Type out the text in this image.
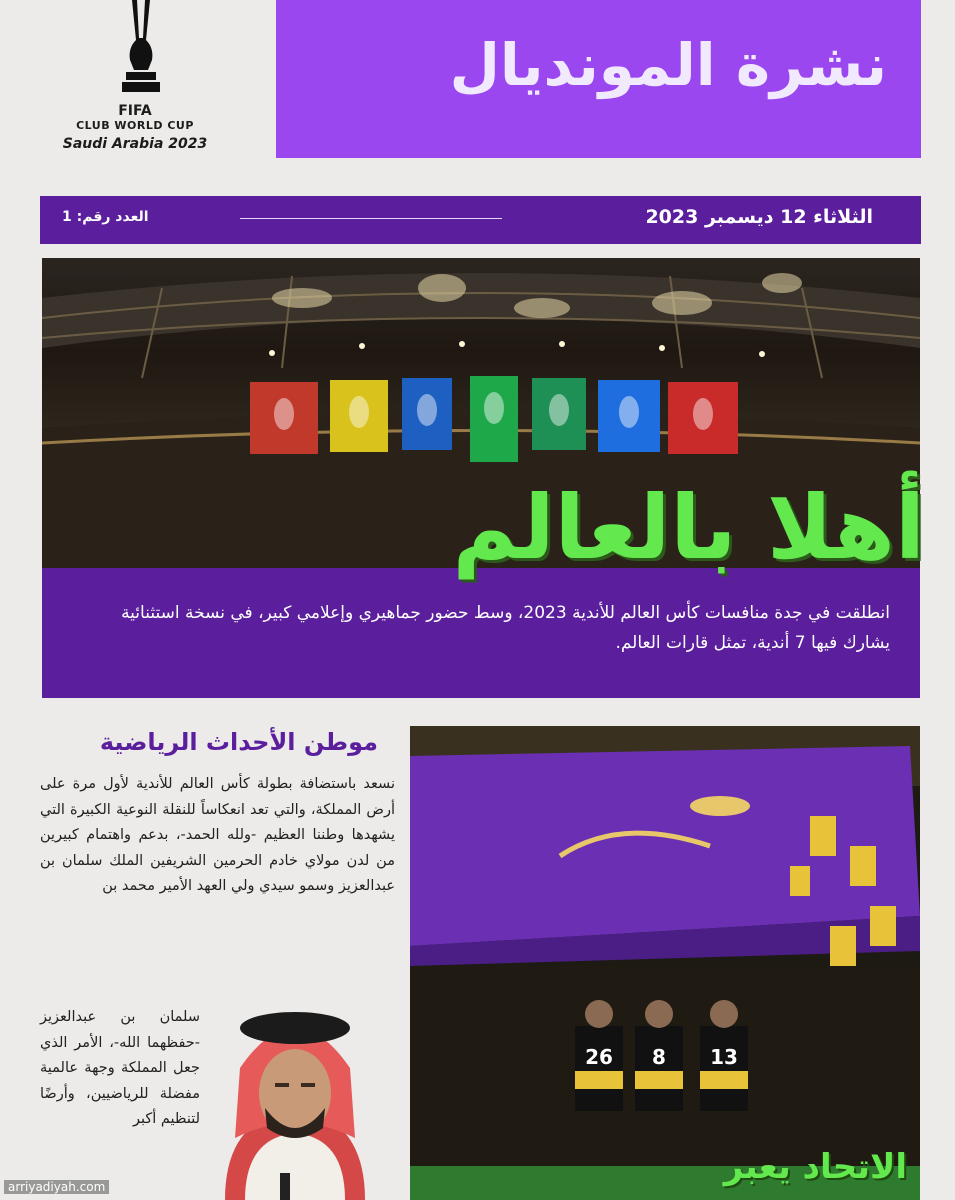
FIFA
CLUB WORLD CUP
Saudi Arabia 2023
نشرة المونديال
الثلاثاء 12 ديسمبر 2023
العدد رقم: 1
انطلقت في جدة منافسات كأس العالم للأندية 2023، وسط حضور جماهيري وإعلامي كبير، في نسخة استثنائية يشارك فيها 7 أندية، تمثل قارات العالم.
أهلا بالعالم
موطن الأحداث الرياضية
نسعد باستضافة بطولة كأس العالم للأندية لأول مرة على أرض المملكة، والتي تعد انعكاساً للنقلة النوعية الكبيرة التي يشهدها وطننا العظيم -ولله الحمد-، بدعم واهتمام كبيرين من لدن مولاي خادم الحرمين الشريفين الملك سلمان بن عبدالعزيز وسمو سيدي ولي العهد الأمير محمد بن
سلمان بن عبدالعزيز -حفظهما الله-، الأمر الذي جعل المملكة وجهة عالمية مفضلة للرياضيين، وأرضًا لتنظيم أكبر
26 8 13
الاتحاد يعبر
arriyadiyah.com
